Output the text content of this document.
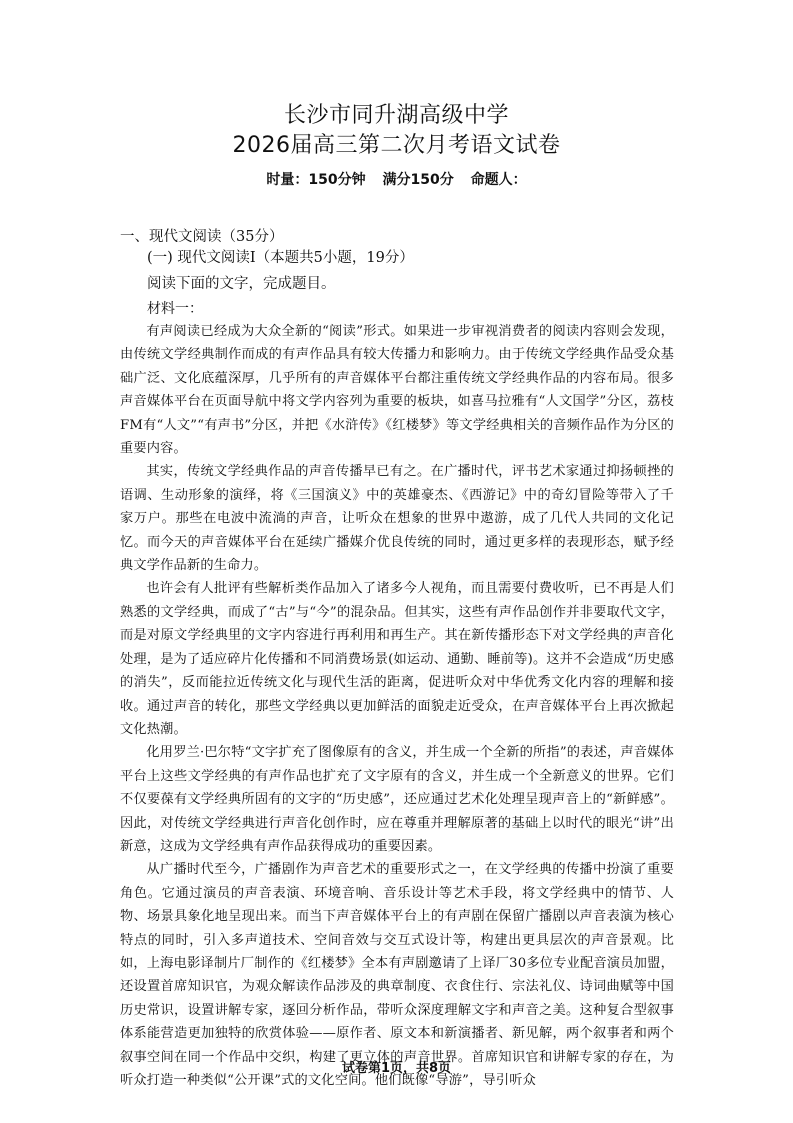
长沙市同升湖高级中学
2026届高三第二次月考语文试卷
时量：150分钟 满分150分 命题人：
一、现代文阅读（35分）
(一) 现代文阅读Ⅰ（本题共5小题，19分）
阅读下面的文字，完成题目。
材料一：

有声阅读已经成为大众全新的“阅读”形式。如果进一步审视消费者的阅读内容则会发现，由传统文学经典制作而成的有声作品具有较大传播力和影响力。由于传统文学经典作品受众基础广泛、文化底蕴深厚，几乎所有的声音媒体平台都注重传统文学经典作品的内容布局。很多声音媒体平台在页面导航中将文学内容列为重要的板块，如喜马拉雅有“人文国学”分区，荔枝FM有“人文”“有声书”分区，并把《水浒传》《红楼梦》等文学经典相关的音频作品作为分区的重要内容。

其实，传统文学经典作品的声音传播早已有之。在广播时代，评书艺术家通过抑扬顿挫的语调、生动形象的演绎，将《三国演义》中的英雄豪杰、《西游记》中的奇幻冒险等带入了千家万户。那些在电波中流淌的声音，让听众在想象的世界中遨游，成了几代人共同的文化记忆。而今天的声音媒体平台在延续广播媒介优良传统的同时，通过更多样的表现形态，赋予经典文学作品新的生命力。

也许会有人批评有些解析类作品加入了诸多今人视角，而且需要付费收听，已不再是人们熟悉的文学经典，而成了“古”与“今”的混杂品。但其实，这些有声作品创作并非要取代文字，而是对原文学经典里的文字内容进行再利用和再生产。其在新传播形态下对文学经典的声音化处理，是为了适应碎片化传播和不同消费场景(如运动、通勤、睡前等)。这并不会造成“历史感的消失”，反而能拉近传统文化与现代生活的距离，促进听众对中华优秀文化内容的理解和接收。通过声音的转化，那些文学经典以更加鲜活的面貌走近受众，在声音媒体平台上再次掀起文化热潮。

化用罗兰·巴尔特“文字扩充了图像原有的含义，并生成一个全新的所指”的表述，声音媒体平台上这些文学经典的有声作品也扩充了文字原有的含义，并生成一个全新意义的世界。它们不仅要葆有文学经典所固有的文字的“历史感”，还应通过艺术化处理呈现声音上的“新鲜感”。因此，对传统文学经典进行声音化创作时，应在尊重并理解原著的基础上以时代的眼光“讲”出新意，这成为文学经典有声作品获得成功的重要因素。

从广播时代至今，广播剧作为声音艺术的重要形式之一，在文学经典的传播中扮演了重要角色。它通过演员的声音表演、环境音响、音乐设计等艺术手段，将文学经典中的情节、人物、场景具象化地呈现出来。而当下声音媒体平台上的有声剧在保留广播剧以声音表演为核心特点的同时，引入多声道技术、空间音效与交互式设计等，构建出更具层次的声音景观。比如，上海电影译制片厂制作的《红楼梦》全本有声剧邀请了上译厂30多位专业配音演员加盟，还设置首席知识官，为观众解读作品涉及的典章制度、衣食住行、宗法礼仪、诗词曲赋等中国历史常识，设置讲解专家，逐回分析作品，带听众深度理解文字和声音之美。这种复合型叙事体系能营造更加独特的欣赏体验——原作者、原文本和新演播者、新见解，两个叙事者和两个叙事空间在同一个作品中交织，构建了更立体的声音世界。首席知识官和讲解专家的存在，为听众打造一种类似“公开课”式的文化空间。他们既像“导游”，导引听众

试卷第1页，共8页
